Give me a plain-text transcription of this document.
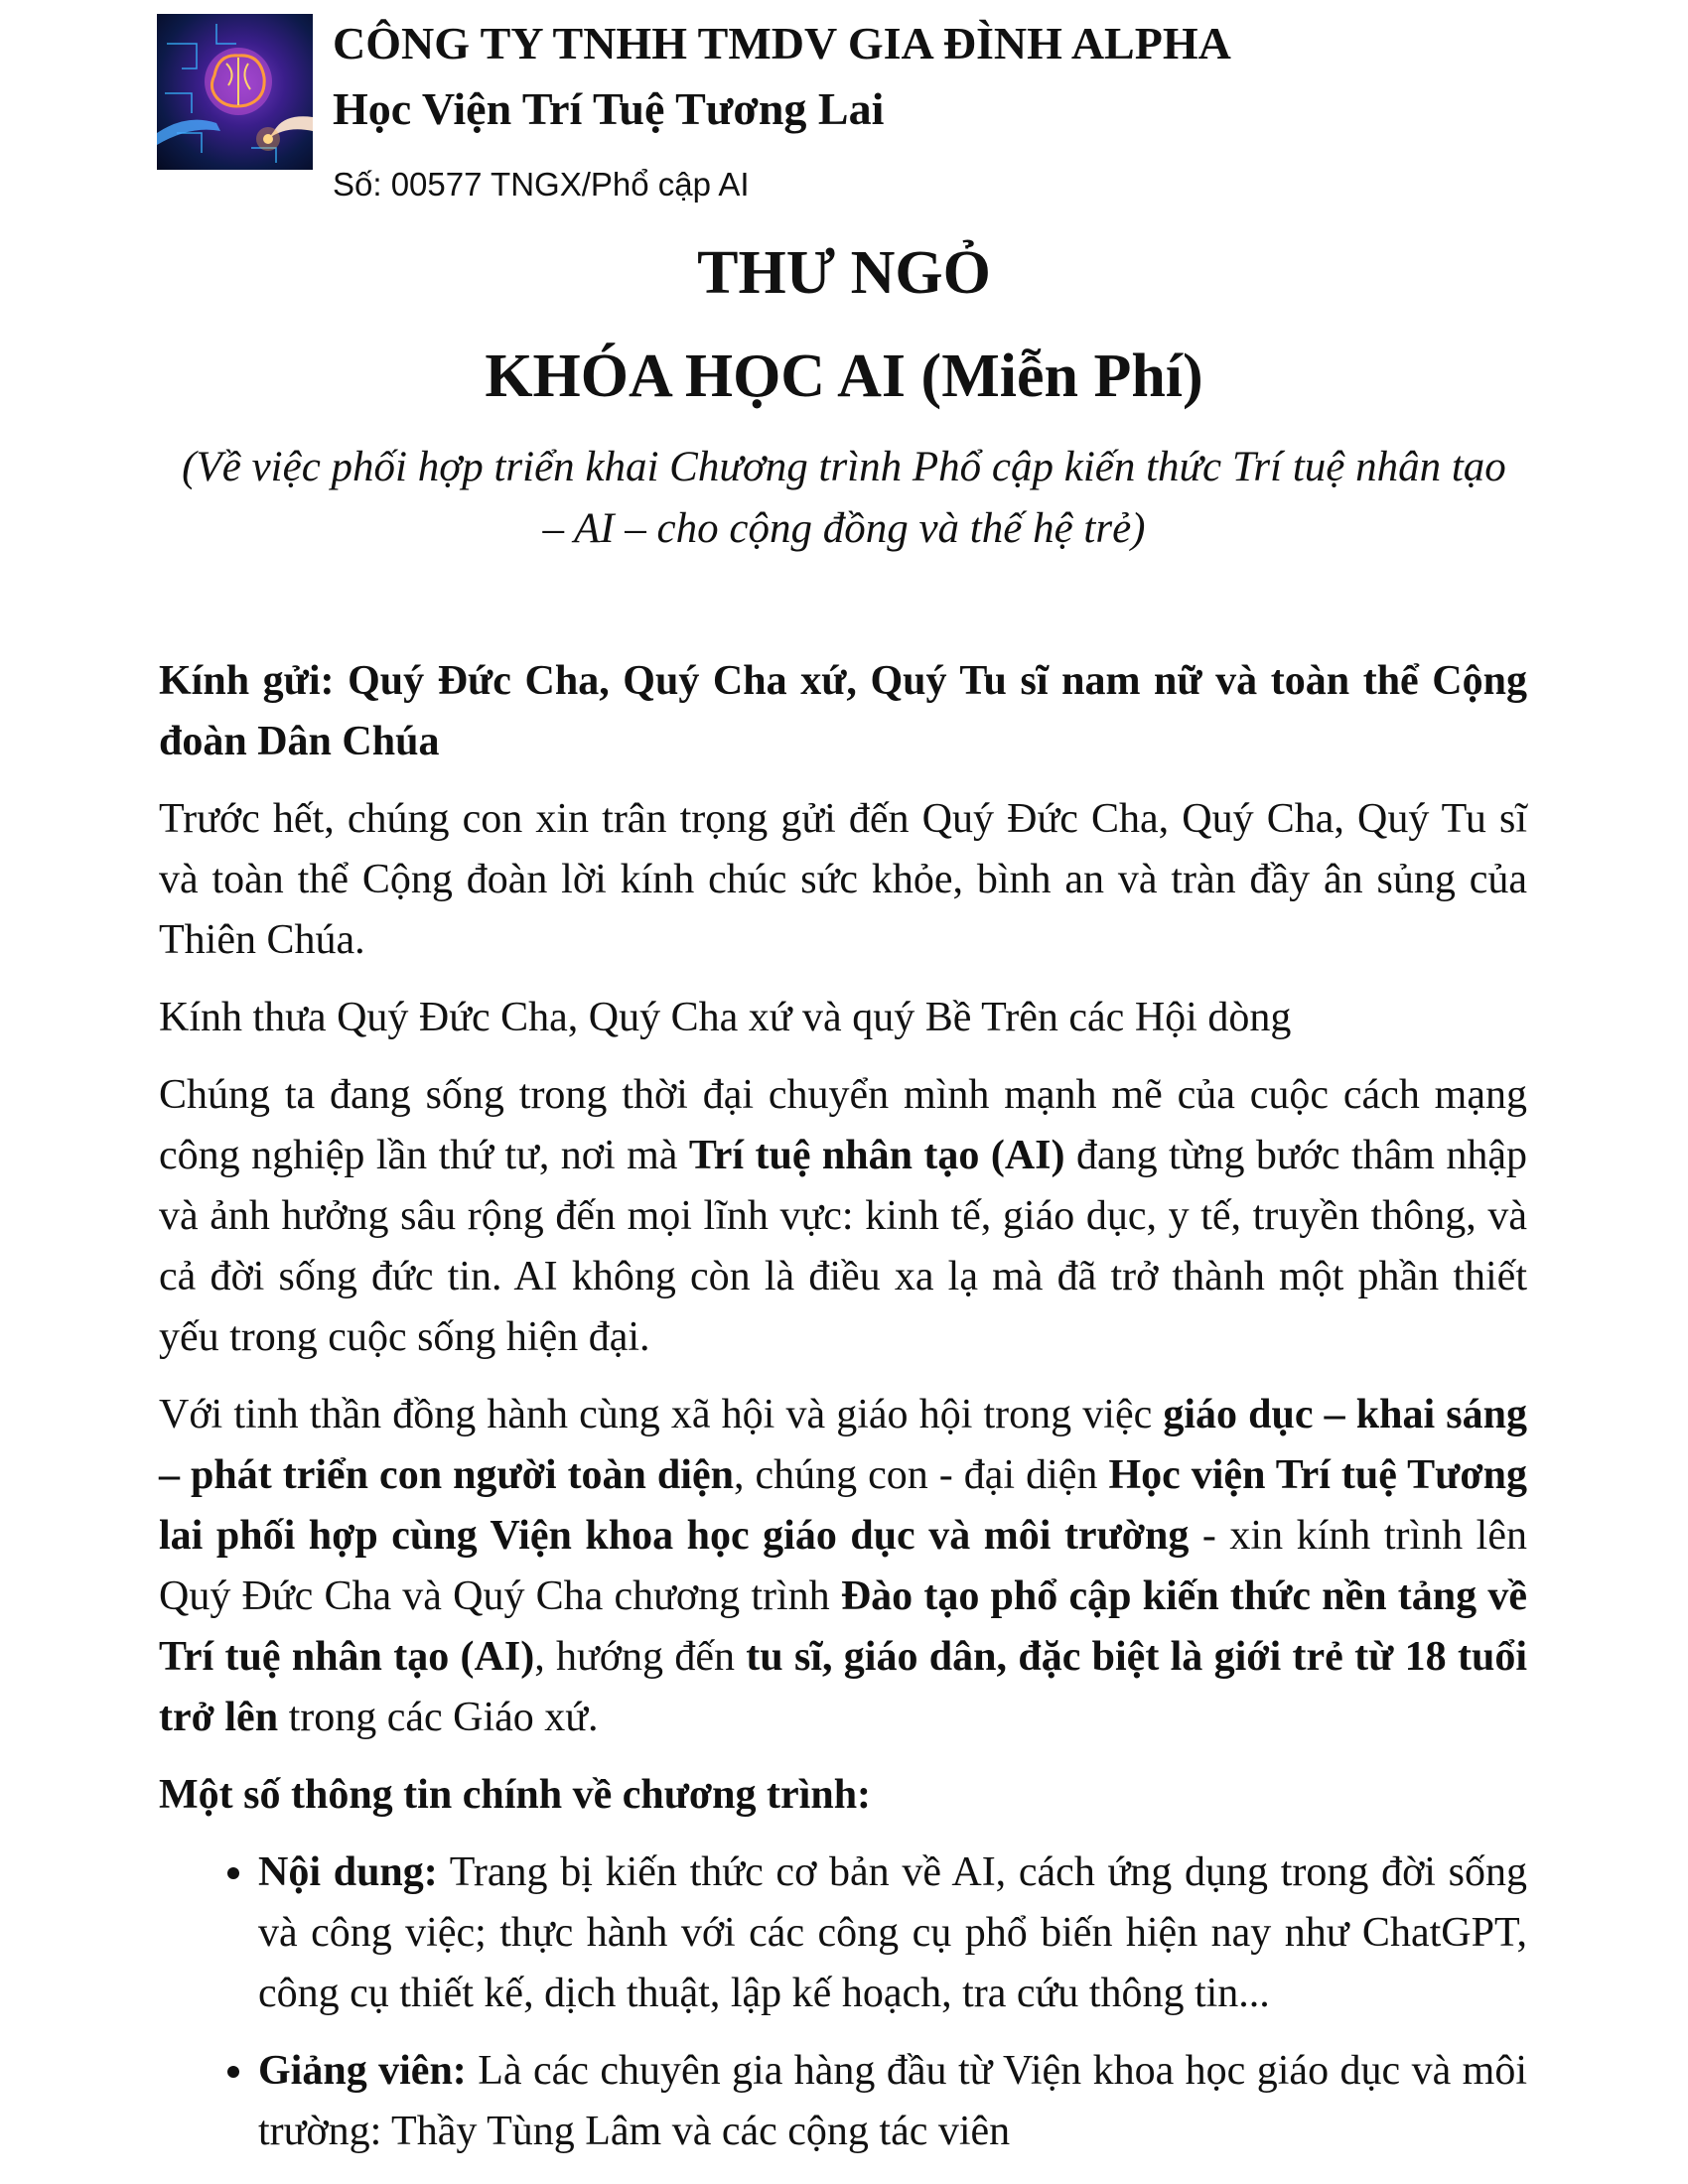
CÔNG TY TNHH TMDV GIA ĐÌNH ALPHA
Học Viện Trí Tuệ Tương Lai
Số: 00577 TNGX/Phổ cập AI
THƯ NGỎ
KHÓA HỌC AI (Miễn Phí)
(Về việc phối hợp triển khai Chương trình Phổ cập kiến thức Trí tuệ nhân tạo – AI – cho cộng đồng và thế hệ trẻ)

Kính gửi: Quý Đức Cha, Quý Cha xứ, Quý Tu sĩ nam nữ và toàn thể Cộng đoàn Dân Chúa

Trước hết, chúng con xin trân trọng gửi đến Quý Đức Cha, Quý Cha, Quý Tu sĩ và toàn thể Cộng đoàn lời kính chúc sức khỏe, bình an và tràn đầy ân sủng của Thiên Chúa.

Kính thưa Quý Đức Cha, Quý Cha xứ và quý Bề Trên các Hội dòng

Chúng ta đang sống trong thời đại chuyển mình mạnh mẽ của cuộc cách mạng công nghiệp lần thứ tư, nơi mà Trí tuệ nhân tạo (AI) đang từng bước thâm nhập và ảnh hưởng sâu rộng đến mọi lĩnh vực: kinh tế, giáo dục, y tế, truyền thông, và cả đời sống đức tin. AI không còn là điều xa lạ mà đã trở thành một phần thiết yếu trong cuộc sống hiện đại.

Với tinh thần đồng hành cùng xã hội và giáo hội trong việc giáo dục – khai sáng – phát triển con người toàn diện, chúng con - đại diện Học viện Trí tuệ Tương lai phối hợp cùng Viện khoa học giáo dục và môi trường - xin kính trình lên Quý Đức Cha và Quý Cha chương trình Đào tạo phổ cập kiến thức nền tảng về Trí tuệ nhân tạo (AI), hướng đến tu sĩ, giáo dân, đặc biệt là giới trẻ từ 18 tuổi trở lên trong các Giáo xứ.

Một số thông tin chính về chương trình:

• Nội dung: Trang bị kiến thức cơ bản về AI, cách ứng dụng trong đời sống và công việc; thực hành với các công cụ phổ biến hiện nay như ChatGPT, công cụ thiết kế, dịch thuật, lập kế hoạch, tra cứu thông tin...
• Giảng viên: Là các chuyên gia hàng đầu từ Viện khoa học giáo dục và môi trường: Thầy Tùng Lâm và các cộng tác viên
